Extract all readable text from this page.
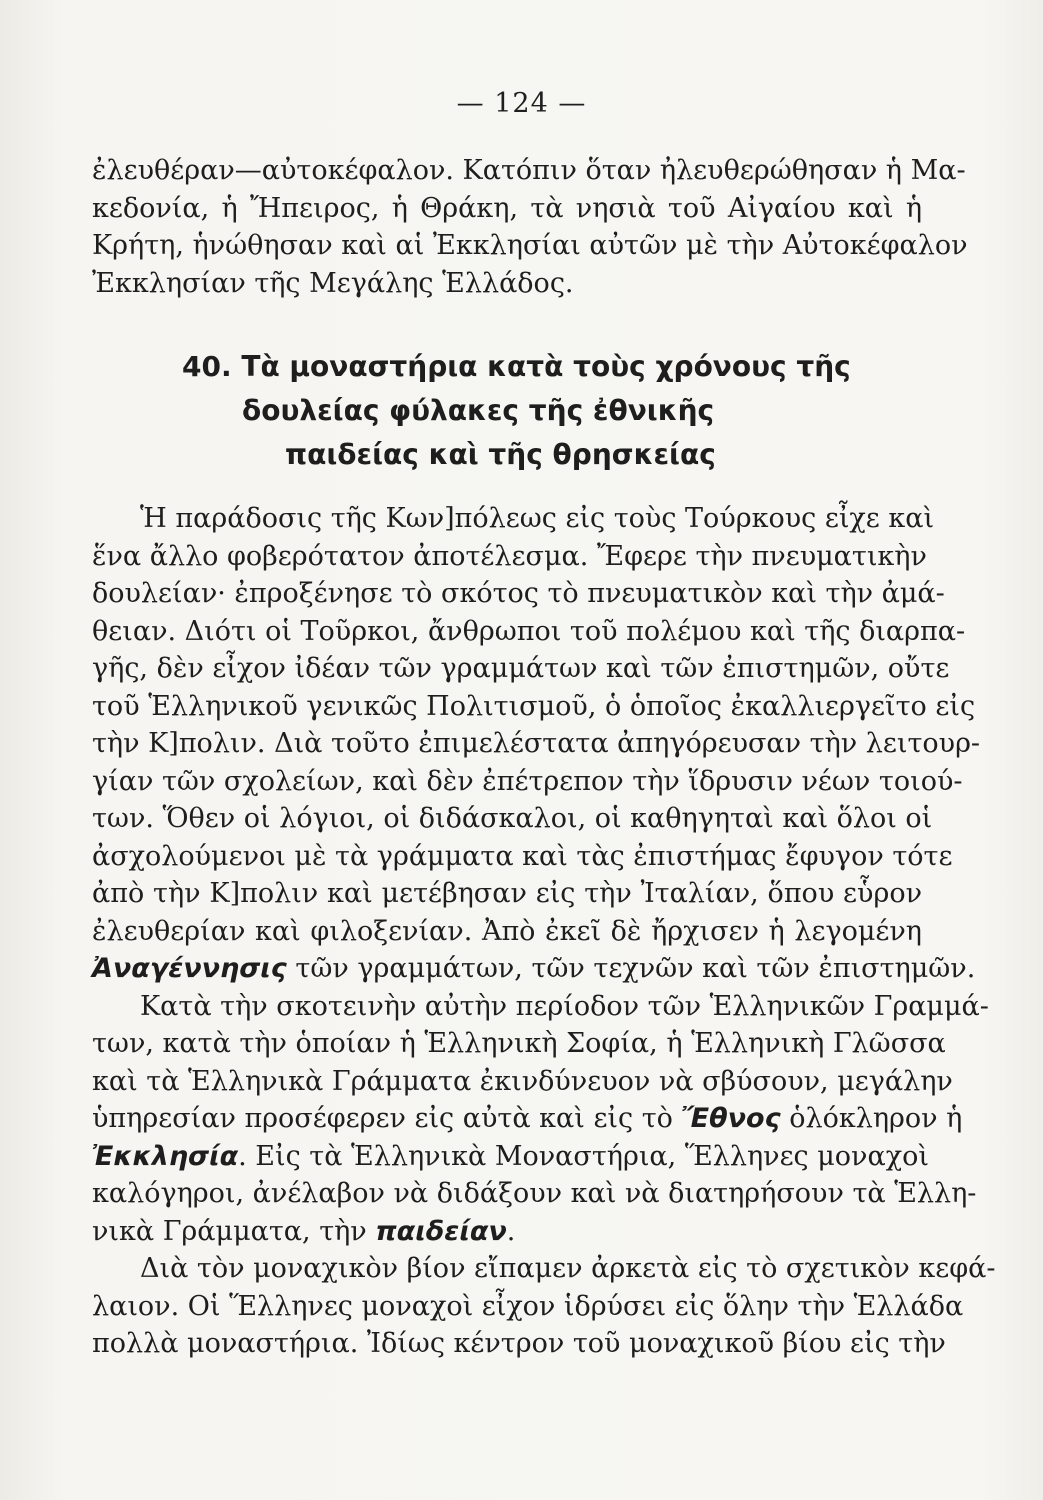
— 124 —
ἐλευθέραν—αὐτοκέφαλον. Κατόπιν ὅταν ἠλευθερώθησαν ἡ Μα-
κεδονία, ἡ Ἤπειρος, ἡ Θράκη, τὰ νησιὰ τοῦ Αἰγαίου καὶ ἡ
Κρήτη, ἡνώθησαν καὶ αἱ Ἐκκλησίαι αὐτῶν μὲ τὴν Αὐτοκέφαλον
Ἐκκλησίαν τῆς Μεγάλης Ἑλλάδος.
40. Τὰ μοναστήρια κατὰ τοὺς χρόνους τῆς
δουλείας φύλακες τῆς ἐθνικῆς
παιδείας καὶ τῆς θρησκείας
Ἡ παράδοσις τῆς Κων]πόλεως εἰς τοὺς Τούρκους εἶχε καὶ
ἕνα ἄλλο φοβερότατον ἀποτέλεσμα. Ἔφερε τὴν πνευματικὴν
δουλείαν· ἐπροξένησε τὸ σκότος τὸ πνευματικὸν καὶ τὴν ἀμά-
θειαν. Διότι οἱ Τοῦρκοι, ἄνθρωποι τοῦ πολέμου καὶ τῆς διαρπα-
γῆς, δὲν εἶχον ἰδέαν τῶν γραμμάτων καὶ τῶν ἐπιστημῶν, οὔτε
τοῦ Ἑλληνικοῦ γενικῶς Πολιτισμοῦ, ὁ ὁποῖος ἐκαλλιεργεῖτο εἰς
τὴν Κ]πολιν. Διὰ τοῦτο ἐπιμελέστατα ἀπηγόρευσαν τὴν λειτουρ-
γίαν τῶν σχολείων, καὶ δὲν ἐπέτρεπον τὴν ἵδρυσιν νέων τοιού-
των. Ὅθεν οἱ λόγιοι, οἱ διδάσκαλοι, οἱ καθηγηταὶ καὶ ὅλοι οἱ
ἀσχολούμενοι μὲ τὰ γράμματα καὶ τὰς ἐπιστήμας ἔφυγον τότε
ἀπὸ τὴν Κ]πολιν καὶ μετέβησαν εἰς τὴν Ἰταλίαν, ὅπου εὗρον
ἐλευθερίαν καὶ φιλοξενίαν. Ἀπὸ ἐκεῖ δὲ ἤρχισεν ἡ λεγομένη
Ἀναγέννησις τῶν γραμμάτων, τῶν τεχνῶν καὶ τῶν ἐπιστημῶν.
Κατὰ τὴν σκοτεινὴν αὐτὴν περίοδον τῶν Ἑλληνικῶν Γραμμά-
των, κατὰ τὴν ὁποίαν ἡ Ἑλληνικὴ Σοφία, ἡ Ἑλληνικὴ Γλῶσσα
καὶ τὰ Ἑλληνικὰ Γράμματα ἐκινδύνευον νὰ σβύσουν, μεγάλην
ὑπηρεσίαν προσέφερεν εἰς αὐτὰ καὶ εἰς τὸ Ἔθνος ὁλόκληρον ἡ
Ἐκκλησία. Εἰς τὰ Ἑλληνικὰ Μοναστήρια, Ἕλληνες μοναχοὶ
καλόγηροι, ἀνέλαβον νὰ διδάξουν καὶ νὰ διατηρήσουν τὰ Ἑλλη-
νικὰ Γράμματα, τὴν παιδείαν.
Διὰ τὸν μοναχικὸν βίον εἴπαμεν ἀρκετὰ εἰς τὸ σχετικὸν κεφά-
λαιον. Οἱ Ἕλληνες μοναχοὶ εἶχον ἱδρύσει εἰς ὅλην τὴν Ἑλλάδα
πολλὰ μοναστήρια. Ἰδίως κέντρον τοῦ μοναχικοῦ βίου εἰς τὴν
